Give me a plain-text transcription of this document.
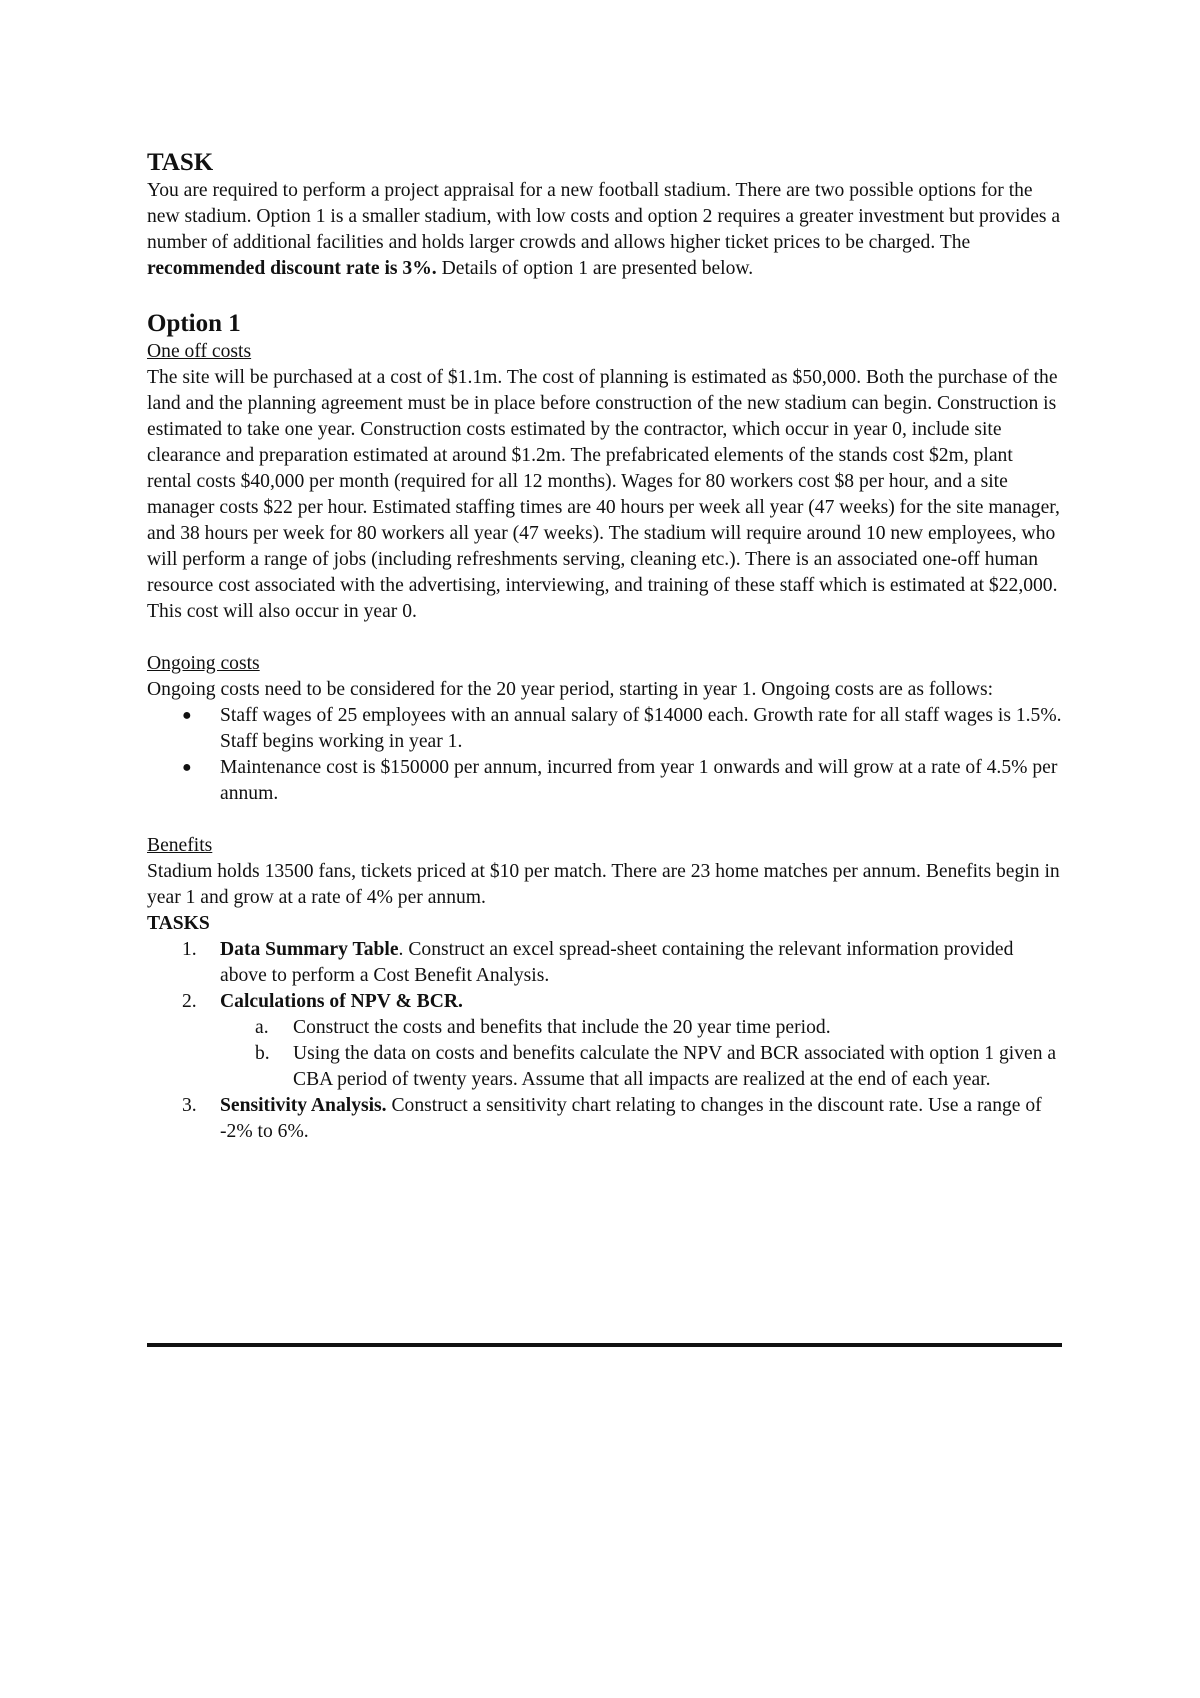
TASK

You are required to perform a project appraisal for a new football stadium. There are two possible options for the new stadium. Option 1 is a smaller stadium, with low costs and option 2 requires a greater investment but provides a number of additional facilities and holds larger crowds and allows higher ticket prices to be charged. The recommended discount rate is 3%. Details of option 1 are presented below.

Option 1

One off costs

The site will be purchased at a cost of $1.1m. The cost of planning is estimated as $50,000. Both the purchase of the land and the planning agreement must be in place before construction of the new stadium can begin. Construction is estimated to take one year. Construction costs estimated by the contractor, which occur in year 0, include site clearance and preparation estimated at around $1.2m. The prefabricated elements of the stands cost $2m, plant rental costs $40,000 per month (required for all 12 months). Wages for 80 workers cost $8 per hour, and a site manager costs $22 per hour. Estimated staffing times are 40 hours per week all year (47 weeks) for the site manager, and 38 hours per week for 80 workers all year (47 weeks). The stadium will require around 10 new employees, who will perform a range of jobs (including refreshments serving, cleaning etc.). There is an associated one-off human resource cost associated with the advertising, interviewing, and training of these staff which is estimated at $22,000. This cost will also occur in year 0.

Ongoing costs

Ongoing costs need to be considered for the 20 year period, starting in year 1. Ongoing costs are as follows:

● Staff wages of 25 employees with an annual salary of $14000 each. Growth rate for all staff wages is 1.5%. Staff begins working in year 1.
● Maintenance cost is $150000 per annum, incurred from year 1 onwards and will grow at a rate of 4.5% per annum.

Benefits

Stadium holds 13500 fans, tickets priced at $10 per match. There are 23 home matches per annum. Benefits begin in year 1 and grow at a rate of 4% per annum.

TASKS

1. Data Summary Table. Construct an excel spread-sheet containing the relevant information provided above to perform a Cost Benefit Analysis.
2. Calculations of NPV & BCR.
a. Construct the costs and benefits that include the 20 year time period.
b. Using the data on costs and benefits calculate the NPV and BCR associated with option 1 given a CBA period of twenty years. Assume that all impacts are realized at the end of each year.
3. Sensitivity Analysis. Construct a sensitivity chart relating to changes in the discount rate. Use a range of -2% to 6%.
